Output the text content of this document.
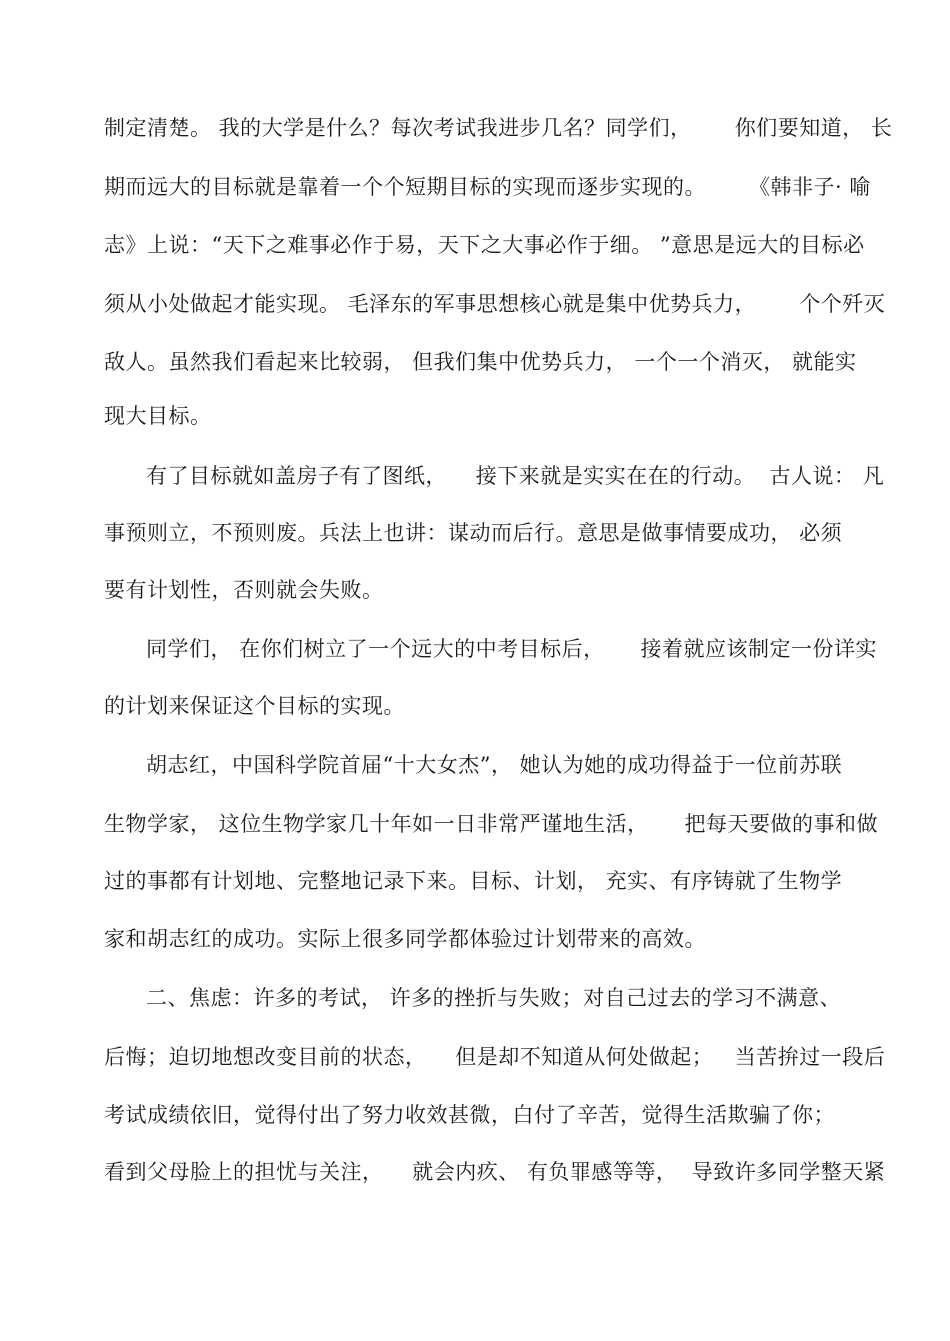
制定清楚。 我的大学是什么？每次考试我进步几名？同学们，      你们要知道， 长
期而远大的目标就是靠着一个个短期目标的实现而逐步实现的。      《韩非子· 喻
志》上说：“天下之难事必作于易，天下之大事必作于细。 ”意思是远大的目标必
须从小处做起才能实现。 毛泽东的军事思想核心就是集中优势兵力，      个个歼灭
敌人。虽然我们看起来比较弱， 但我们集中优势兵力， 一个一个消灭， 就能实
现大目标。
有了目标就如盖房子有了图纸，    接下来就是实实在在的行动。  古人说： 凡
事预则立，不预则废。兵法上也讲：谋动而后行。意思是做事情要成功， 必须
要有计划性，否则就会失败。
同学们， 在你们树立了一个远大的中考目标后，     接着就应该制定一份详实
的计划来保证这个目标的实现。
胡志红，中国科学院首届“十大女杰”， 她认为她的成功得益于一位前苏联
生物学家， 这位生物学家几十年如一日非常严谨地生活，     把每天要做的事和做
过的事都有计划地、完整地记录下来。目标、计划， 充实、有序铸就了生物学
家和胡志红的成功。实际上很多同学都体验过计划带来的高效。
二、焦虑：许多的考试， 许多的挫折与失败；对自己过去的学习不满意、
后悔；迫切地想改变目前的状态，    但是却不知道从何处做起；   当苦拚过一段后
考试成绩依旧，觉得付出了努力收效甚微，白付了辛苦，觉得生活欺骗了你；
看到父母脸上的担忧与关注，    就会内疚、 有负罪感等等，  导致许多同学整天紧
